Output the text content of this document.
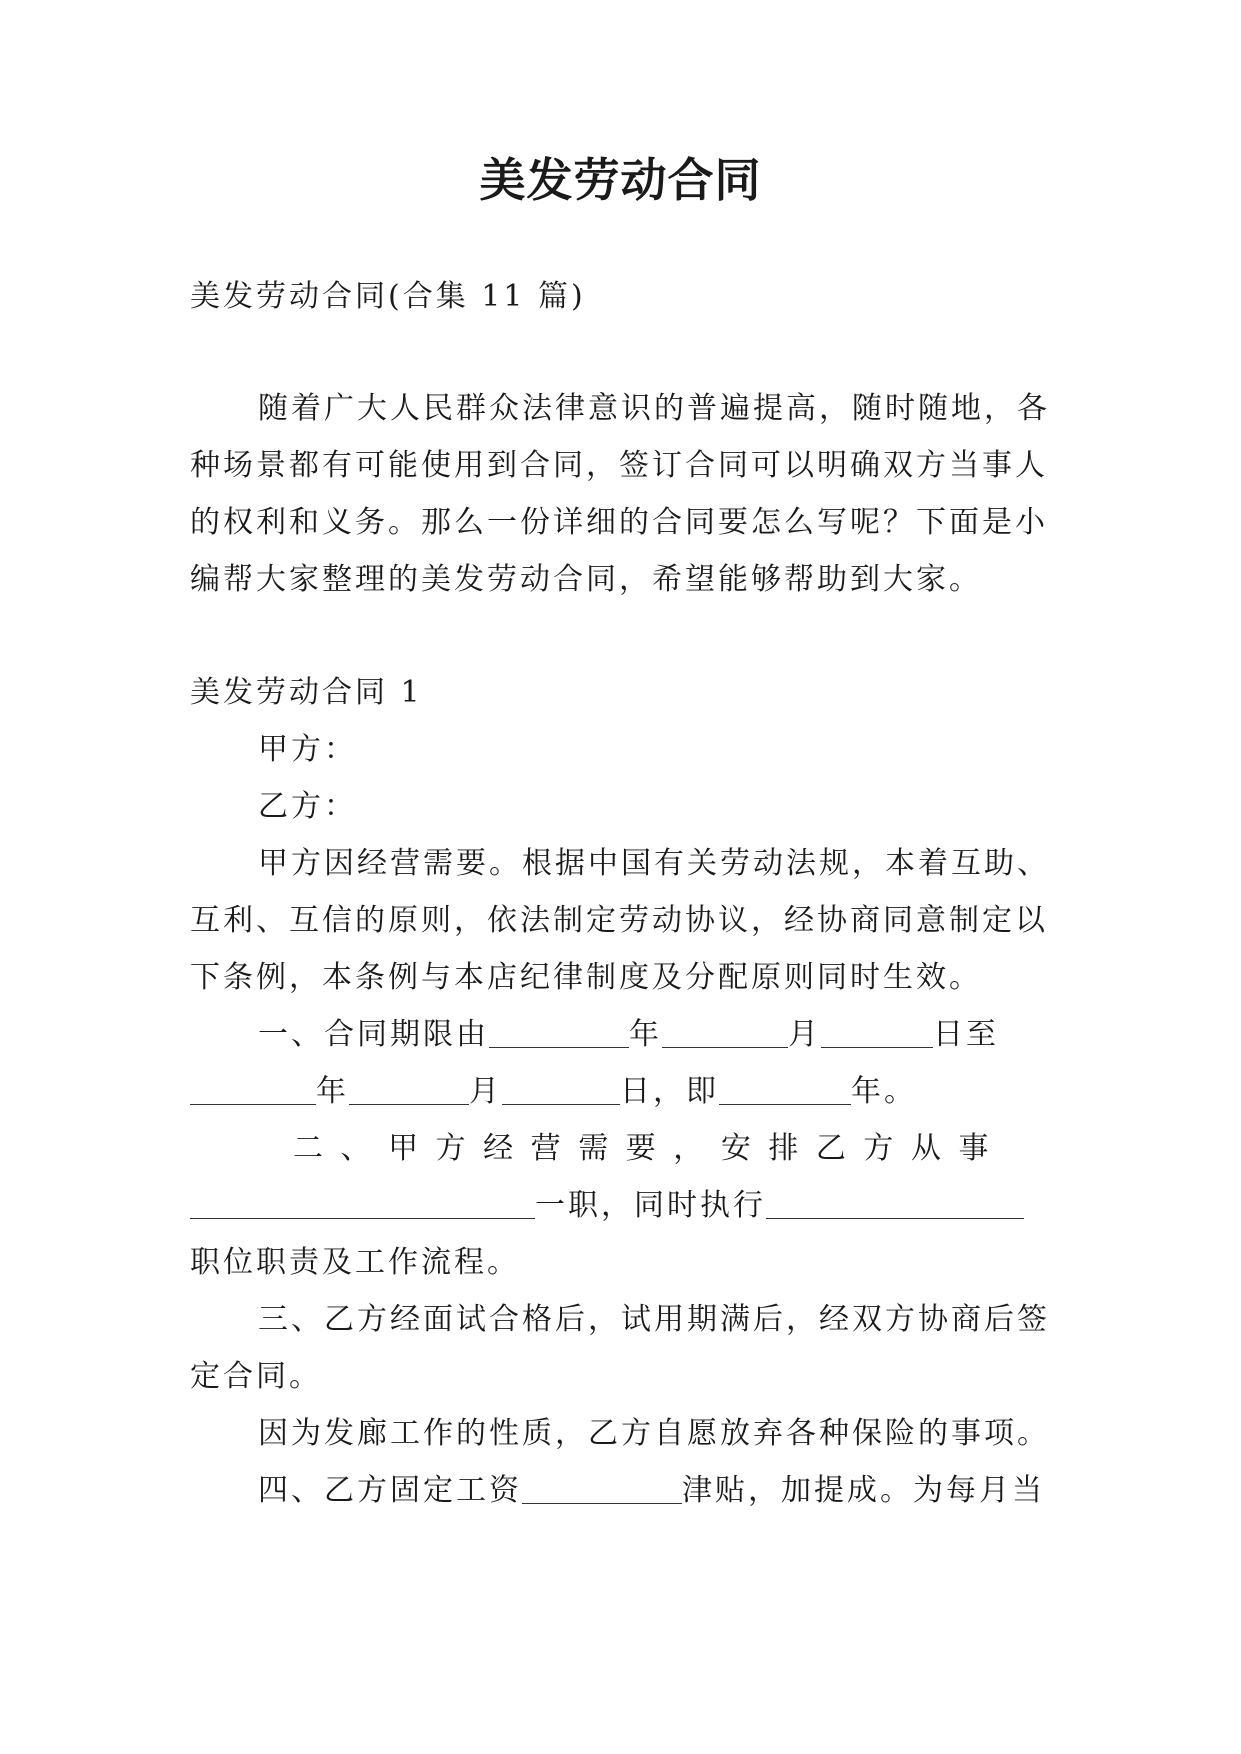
美发劳动合同
美发劳动合同(合集 11 篇)
随着广大人民群众法律意识的普遍提高，随时随地，各
种场景都有可能使用到合同，签订合同可以明确双方当事人
的权利和义务。那么一份详细的合同要怎么写呢？下面是小
编帮大家整理的美发劳动合同，希望能够帮助到大家。
美发劳动合同 1
甲方：
乙方：
甲方因经营需要。根据中国有关劳动法规，本着互助、
互利、互信的原则，依法制定劳动协议，经协商同意制定以
下条例，本条例与本店纪律制度及分配原则同时生效。
一、合同期限由	年	月	日至
年	月	日，即	年。
二 、 甲 方 经 营 需 要 ， 安 排 乙 方 从 事
一职，同时执行
职位职责及工作流程。
三、乙方经面试合格后，试用期满后，经双方协商后签
定合同。
因为发廊工作的性质，乙方自愿放弃各种保险的事项。
四、乙方固定工资	津贴，加提成。为每月当
